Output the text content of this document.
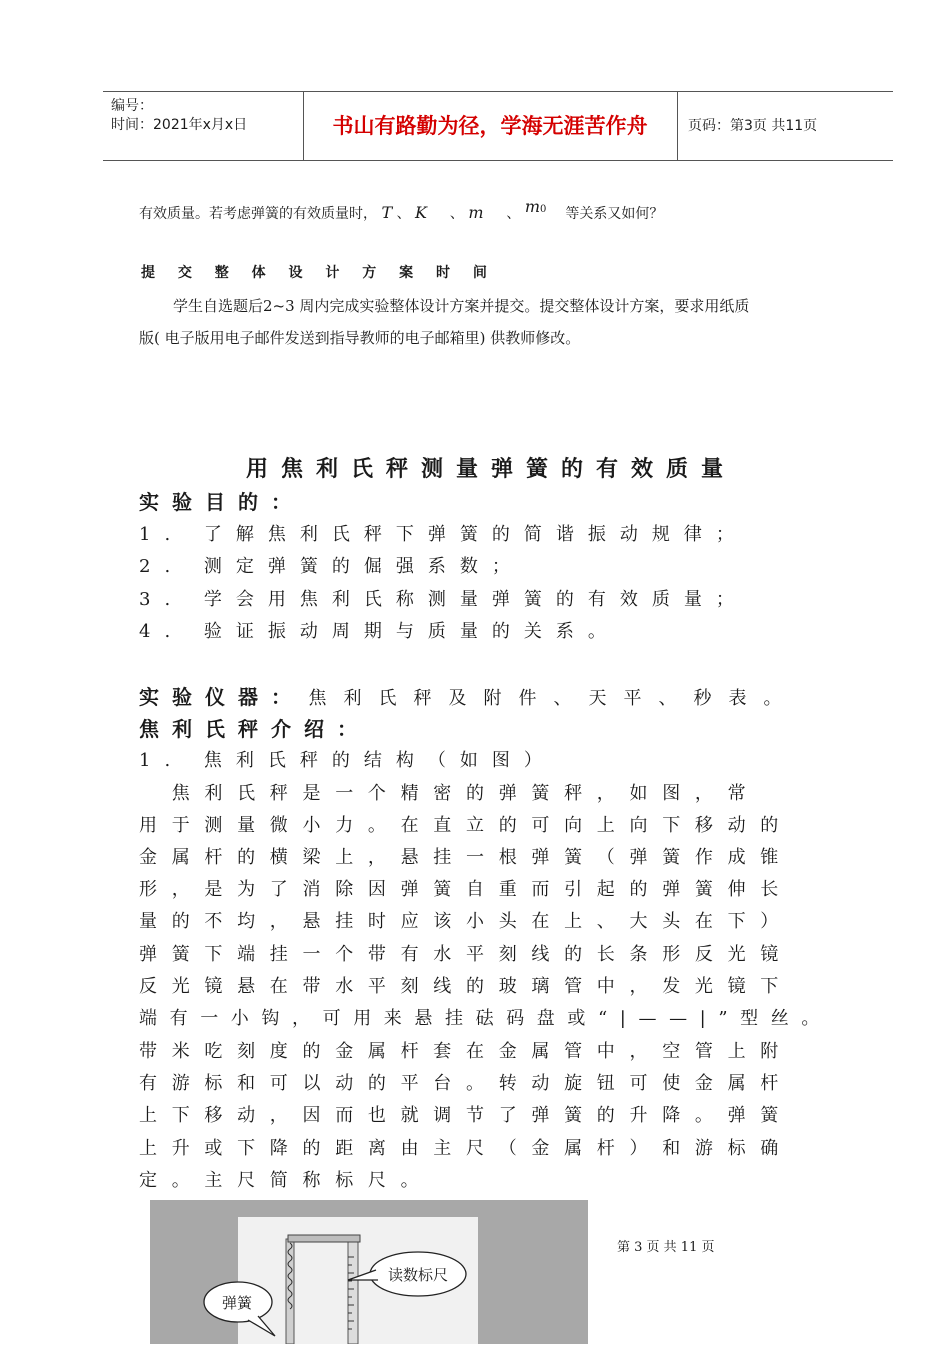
编号：
时间：2021年x月x日	书山有路勤为径，学海无涯苦作舟	页码：第3页 共11页
有效质量。若考虑弹簧的有效质量时， T 、 K 、 m 、 m0 等关系又如何？
提 交 整 体 设 计 方 案 时 间
学生自选题后2~3 周内完成实验整体设计方案并提交。提交整体设计方案，要求用纸质
版( 电子版用电子邮件发送到指导教师的电子邮箱里) 供教师修改。
用焦利氏秤测量弹簧的有效质量
实验目的：
1. 了解焦利氏秤下弹簧的简谐振动规律；
2. 测定弹簧的倔强系数；
3. 学会用焦利氏称测量弹簧的有效质量；
4. 验证振动周期与质量的关系。
实验仪器： 焦利氏秤及附件、天平、秒表。
焦利氏秤介绍：
1. 焦利氏秤的结构（如图）
　焦利氏秤是一个精密的弹簧秤，如图，常
用于测量微小力。在直立的可向上向下移动的
金属杆的横梁上，悬挂一根弹簧（弹簧作成锥
形，是为了消除因弹簧自重而引起的弹簧伸长
量的不均，悬挂时应该小头在上、大头在下）
弹簧下端挂一个带有水平刻线的长条形反光镜
反光镜悬在带水平刻线的玻璃管中，发光镜下
端有一小钩，可用来悬挂砝码盘或“|——|”型丝。
带米吃刻度的金属杆套在金属管中，空管上附
有游标和可以动的平台。转动旋钮可使金属杆
上下移动，因而也就调节了弹簧的升降。弹簧
上升或下降的距离由主尺（金属杆）和游标确
定。主尺简称标尺。
弹簧
读数标尺
第 3 页 共 11 页
